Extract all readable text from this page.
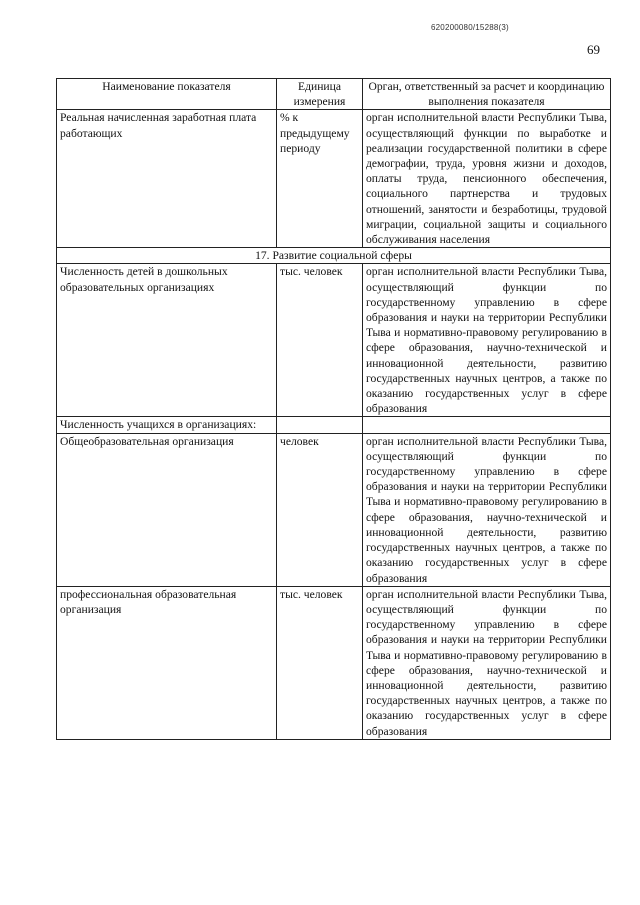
620200080/15288(3)
69
Наименование показателя	Единица измерения	Орган, ответственный за расчет и координацию выполнения показателя
Реальная начисленная заработная плата работающих	% к предыдущему периоду	орган исполнительной власти Республики Тыва, осуществляющий функции по выработке и реализации государственной политики в сфере демографии, труда, уровня жизни и доходов, оплаты труда, пенсионного обеспечения, социального партнерства и трудовых отношений, занятости и безработицы, трудовой миграции, социальной защиты и социального обслуживания населения
17. Развитие социальной сферы		
Численность детей в дошкольных образовательных организациях	тыс. человек	орган исполнительной власти Республики Тыва, осуществляющий функции по государственному управлению в сфере образования и науки на территории Республики Тыва и нормативно-правовому регулированию в сфере образования, научно-технической и инновационной деятельности, развитию государственных научных центров, а также по оказанию государственных услуг в сфере образования
Численность учащихся в организациях:		
Общеобразовательная организация	человек	орган исполнительной власти Республики Тыва, осуществляющий функции по государственному управлению в сфере образования и науки на территории Республики Тыва и нормативно-правовому регулированию в сфере образования, научно-технической и инновационной деятельности, развитию государственных научных центров, а также по оказанию государственных услуг в сфере образования
профессиональная образовательная организация	тыс. человек	орган исполнительной власти Республики Тыва, осуществляющий функции по государственному управлению в сфере образования и науки на территории Республики Тыва и нормативно-правовому регулированию в сфере образования, научно-технической и инновационной деятельности, развитию государственных научных центров, а также по оказанию государственных услуг в сфере образования
